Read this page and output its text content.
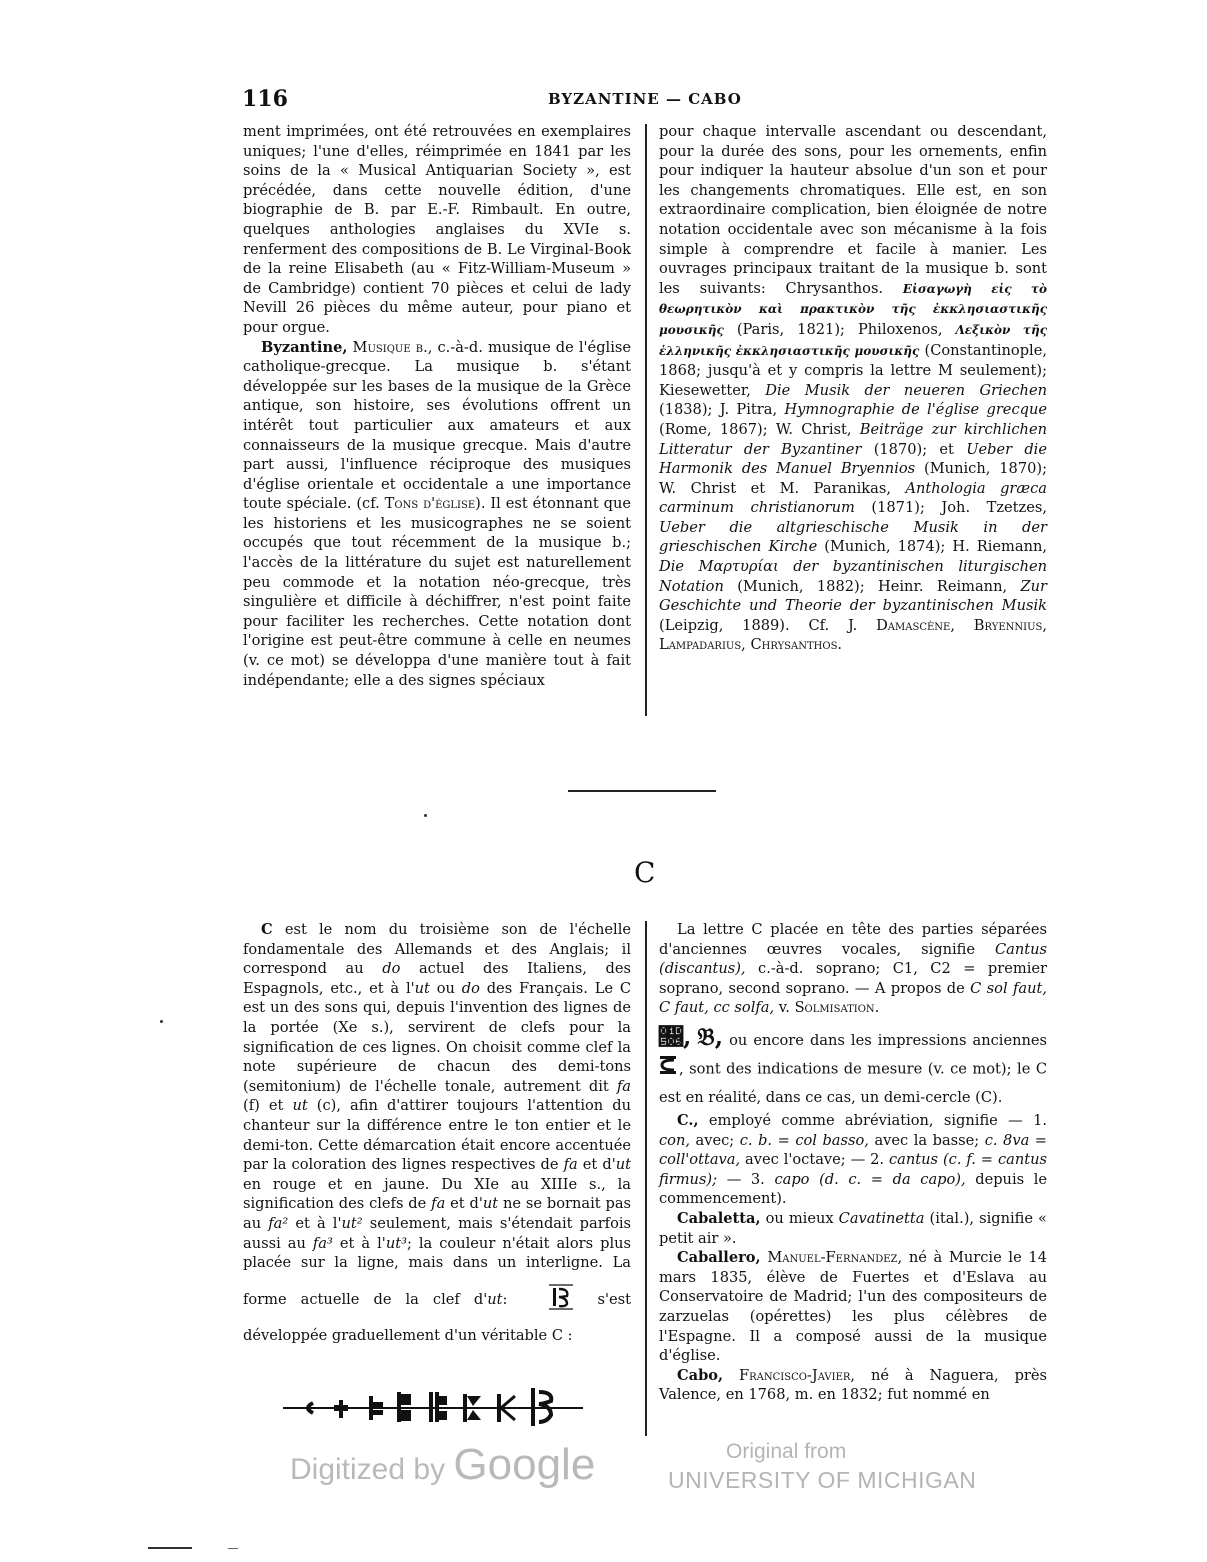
116	BYZANTINE — CABO

ment imprimées, ont été retrouvées en exemplaires uniques; l'une d'elles, réimprimée en 1841 par les soins de la « Musical Antiquarian Society », est précédée, dans cette nouvelle édition, d'une biographie de B. par E.-F. Rimbault. En outre, quelques anthologies anglaises du XVIe s. renferment des compositions de B. Le Virginal-Book de la reine Elisabeth (au « Fitz-William-Museum » de Cambridge) contient 70 pièces et celui de lady Nevill 26 pièces du même auteur, pour piano et pour orgue.

Byzantine, Musique b., c.-à-d. musique de l'église catholique-grecque. La musique b. s'étant développée sur les bases de la musique de la Grèce antique, son histoire, ses évolutions offrent un intérêt tout particulier aux amateurs et aux connaisseurs de la musique grecque. Mais d'autre part aussi, l'influence réciproque des musiques d'église orientale et occidentale a une importance toute spéciale. (cf. Tons d'église). Il est étonnant que les historiens et les musicographes ne se soient occupés que tout récemment de la musique b.; l'accès de la littérature du sujet est naturellement peu commode et la notation néo-grecque, très singulière et difficile à déchiffrer, n'est point faite pour faciliter les recherches. Cette notation dont l'origine est peut-être commune à celle en neumes (v. ce mot) se développa d'une manière tout à fait indépendante; elle a des signes spéciaux

pour chaque intervalle ascendant ou descendant, pour la durée des sons, pour les ornements, enfin pour indiquer la hauteur absolue d'un son et pour les changements chromatiques. Elle est, en son extraordinaire complication, bien éloignée de notre notation occidentale avec son mécanisme à la fois simple à comprendre et facile à manier. Les ouvrages principaux traitant de la musique b. sont les suivants: Chrysanthos. Εἰσαγωγὴ εἰς τὸ θεωρητικὸν καὶ πρακτικὸν τῆς ἐκκλησιαστικῆς μουσικῆς (Paris, 1821); Philoxenos, Λεξικὸν τῆς ἑλληνικῆς ἐκκλησιαστικῆς μουσικῆς (Constantinople, 1868; jusqu'à et y compris la lettre M seulement); Kiesewetter, Die Musik der neueren Griechen (1838); J. Pitra, Hymnographie de l'église grecque (Rome, 1867); W. Christ, Beiträge zur kirchlichen Litteratur der Byzantiner (1870); et Ueber die Harmonik des Manuel Bryennios (Munich, 1870); W. Christ et M. Paranikas, Anthologia græca carminum christianorum (1871); Joh. Tzetzes, Ueber die altgrieschische Musik in der grieschischen Kirche (Munich, 1874); H. Riemann, Die Μαρτυρίαι der byzantinischen liturgischen Notation (Munich, 1882); Heinr. Reimann, Zur Geschichte und Theorie der byzantinischen Musik (Leipzig, 1889). Cf. J. Damascène, Bryennius, Lampadarius, Chrysanthos.

C

C est le nom du troisième son de l'échelle fondamentale des Allemands et des Anglais; il correspond au do actuel des Italiens, des Espagnols, etc., et à l'ut ou do des Français. Le C est un des sons qui, depuis l'invention des lignes de la portée (Xe s.), servirent de clefs pour la signification de ces lignes. On choisit comme clef la note supérieure de chacun des demi-tons (semitonium) de l'échelle tonale, autrement dit fa (f) et ut (c), afin d'attirer toujours l'attention du chanteur sur la différence entre le ton entier et le demi-ton. Cette démarcation était encore accentuée par la coloration des lignes respectives de fa et d'ut en rouge et en jaune. Du XIe au XIIIe s., la signification des clefs de fa et d'ut ne se bornait pas au fa² et à l'ut² seulement, mais s'étendait parfois aussi au fa³ et à l'ut³; la couleur n'était alors plus placée sur la ligne, mais dans un interligne. La forme actuelle de la clef d'ut:	s'est développée graduellement d'un véritable C :

La lettre C placée en tête des parties séparées d'anciennes œuvres vocales, signifie Cantus (discantus), c.-à-d. soprano; C1, C2 = premier soprano, second soprano. — A propos de C sol faut, C faut, cc solfa, v. Solmisation.

𝔆, 𝔅, ou encore dans les impressions anciennes , sont des indications de mesure (v. ce mot); le C est en réalité, dans ce cas, un demi-cercle (C).

C., employé comme abréviation, signifie — 1. con, avec; c. b. = col basso, avec la basse; c. 8va = coll'ottava, avec l'octave; — 2. cantus (c. f. = cantus firmus); — 3. capo (d. c. = da capo), depuis le commencement).

Cabaletta, ou mieux Cavatinetta (ital.), signifie « petit air ».

Caballero, Manuel-Fernandez, né à Murcie le 14 mars 1835, élève de Fuertes et d'Eslava au Conservatoire de Madrid; l'un des compositeurs de zarzuelas (opérettes) les plus célèbres de l'Espagne. Il a composé aussi de la musique d'église.

Cabo, Francisco-Javier, né à Naguera, près Valence, en 1768, m. en 1832; fut nommé en

Digitized by Google	Original from
UNIVERSITY OF MICHIGAN
